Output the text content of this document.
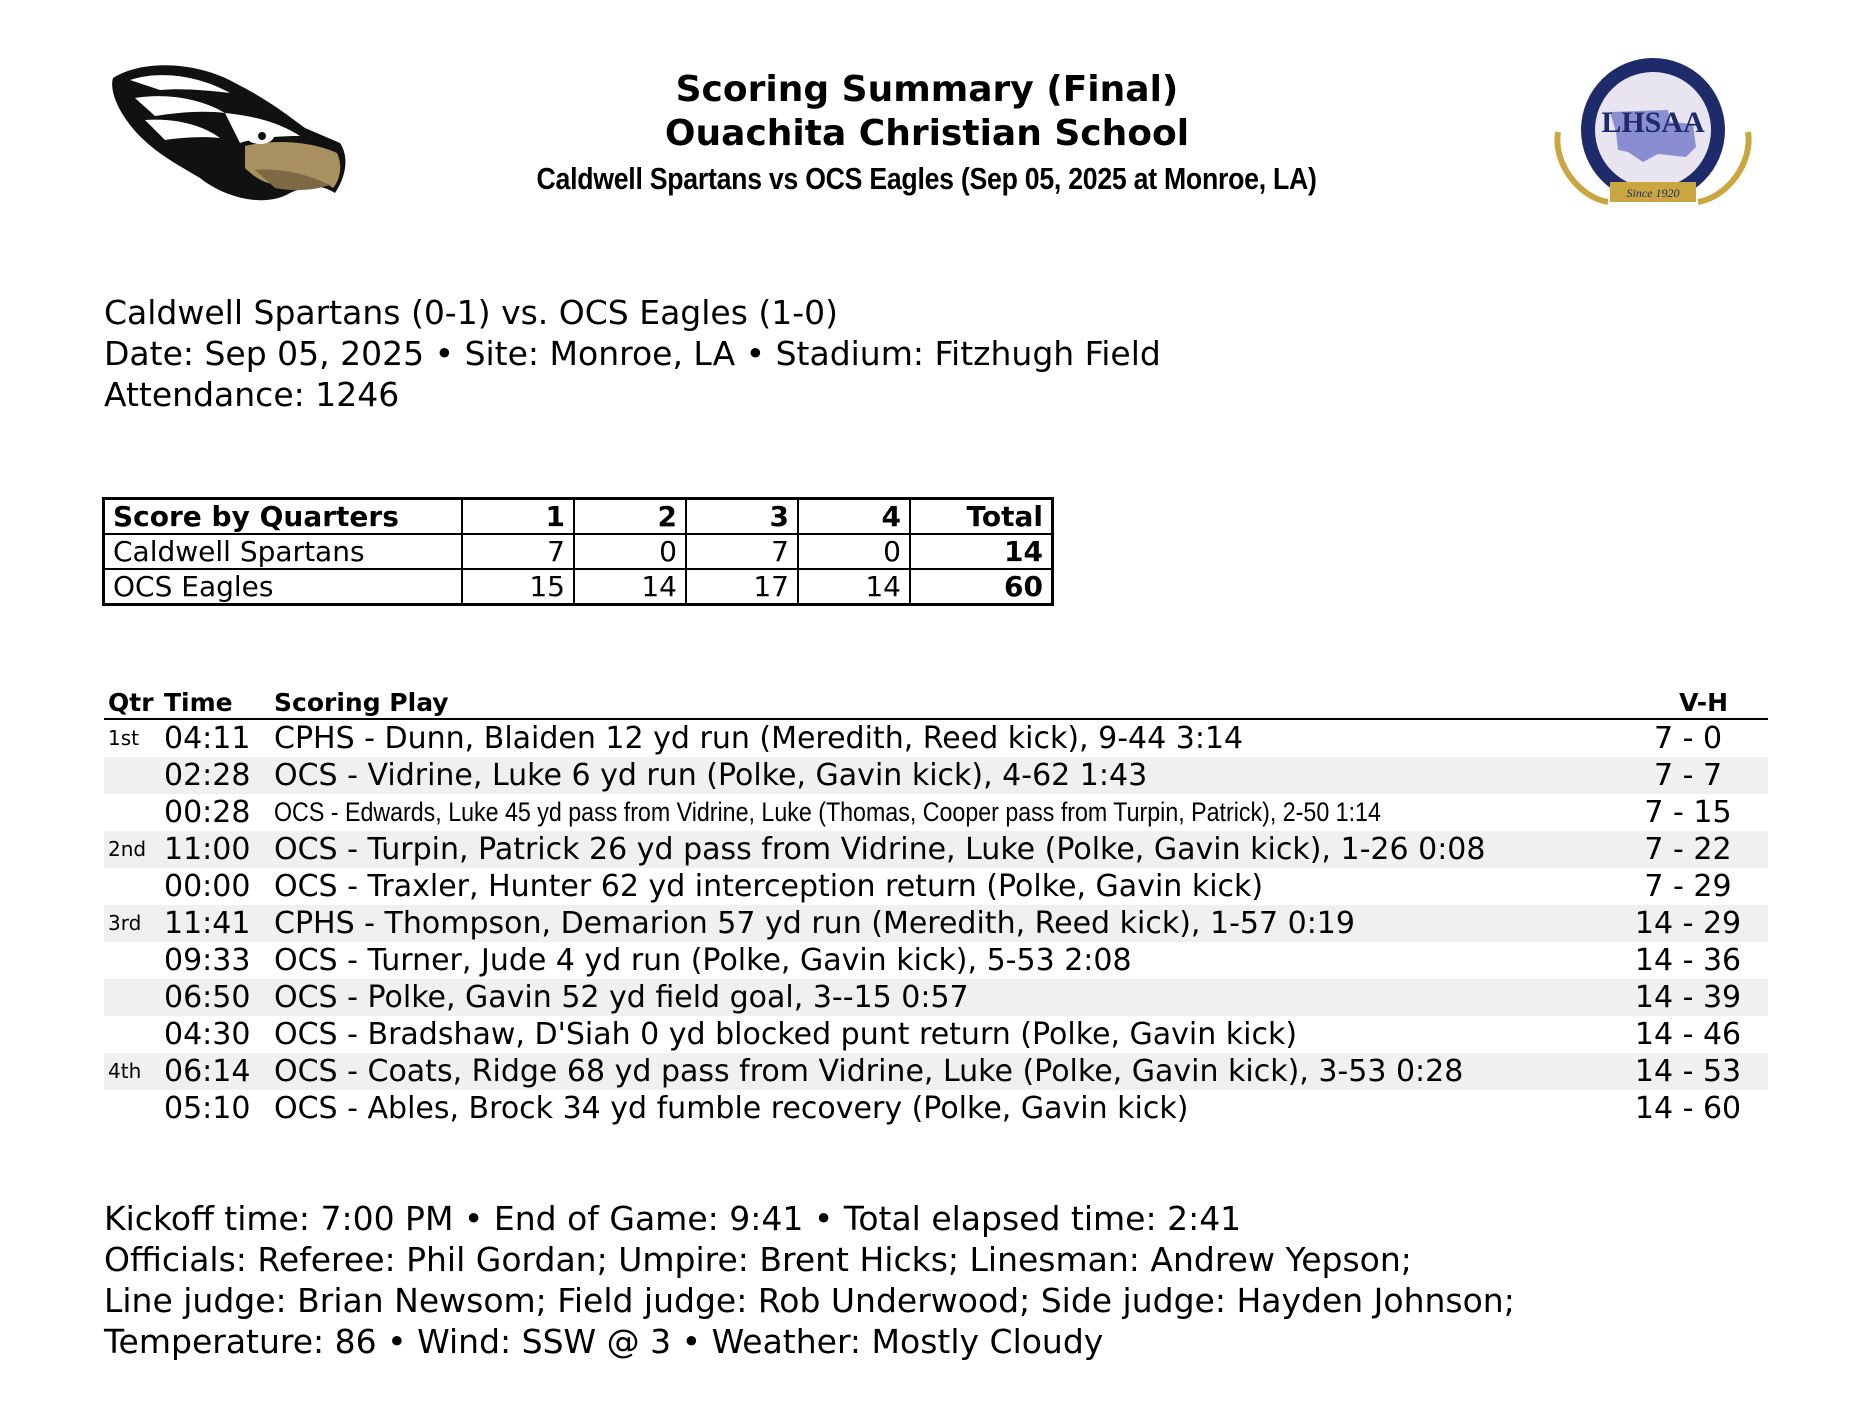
LHSAA
Since 1920
Scoring Summary (Final)
Ouachita Christian School
Caldwell Spartans vs OCS Eagles (Sep 05, 2025 at Monroe, LA)
Caldwell Spartans (0-1) vs. OCS Eagles (1-0)
Date: Sep 05, 2025 • Site: Monroe, LA • Stadium: Fitzhugh Field
Attendance: 1246
Score by Quarters	1	2	3	4	Total
Caldwell Spartans	7	0	7	0	14
OCS Eagles	15	14	17	14	60
Qtr Time Scoring Play	V-H
1st 04:11 CPHS - Dunn, Blaiden 12 yd run (Meredith, Reed kick), 9-44 3:14	7 - 0
02:28 OCS - Vidrine, Luke 6 yd run (Polke, Gavin kick), 4-62 1:43	7 - 7
00:28 OCS - Edwards, Luke 45 yd pass from Vidrine, Luke (Thomas, Cooper pass from Turpin, Patrick), 2-50 1:14	7 - 15
2nd 11:00 OCS - Turpin, Patrick 26 yd pass from Vidrine, Luke (Polke, Gavin kick), 1-26 0:08	7 - 22
00:00 OCS - Traxler, Hunter 62 yd interception return (Polke, Gavin kick)	7 - 29
3rd 11:41 CPHS - Thompson, Demarion 57 yd run (Meredith, Reed kick), 1-57 0:19	14 - 29
09:33 OCS - Turner, Jude 4 yd run (Polke, Gavin kick), 5-53 2:08	14 - 36
06:50 OCS - Polke, Gavin 52 yd field goal, 3--15 0:57	14 - 39
04:30 OCS - Bradshaw, D'Siah 0 yd blocked punt return (Polke, Gavin kick)	14 - 46
4th 06:14 OCS - Coats, Ridge 68 yd pass from Vidrine, Luke (Polke, Gavin kick), 3-53 0:28	14 - 53
05:10 OCS - Ables, Brock 34 yd fumble recovery (Polke, Gavin kick)	14 - 60
Kickoff time: 7:00 PM • End of Game: 9:41 • Total elapsed time: 2:41
Officials: Referee: Phil Gordan; Umpire: Brent Hicks; Linesman: Andrew Yepson;
Line judge: Brian Newsom; Field judge: Rob Underwood; Side judge: Hayden Johnson;
Temperature: 86 • Wind: SSW @ 3 • Weather: Mostly Cloudy
